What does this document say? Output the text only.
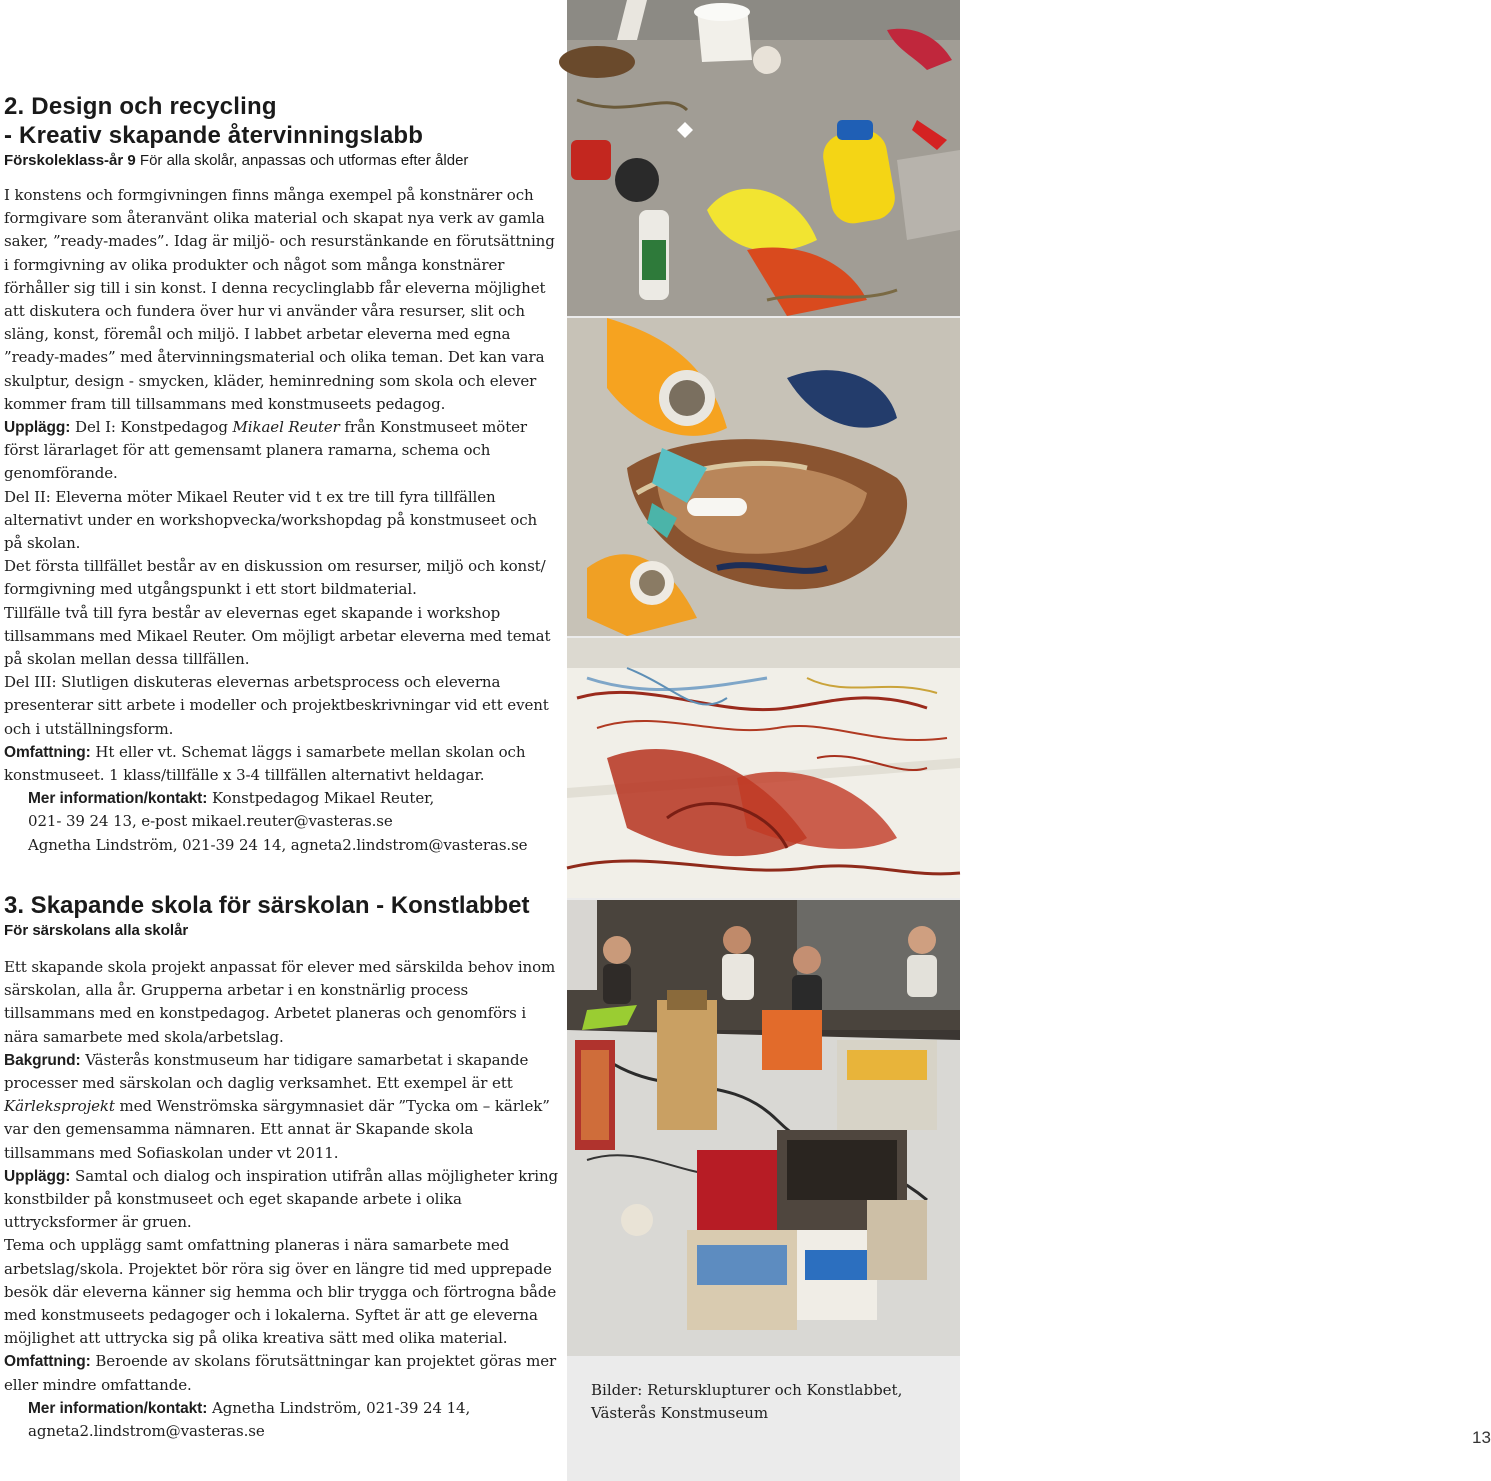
2. Design och recycling
- Kreativ skapande återvinningslabb

Förskoleklass-år 9 För alla skolår, anpassas och utformas efter ålder

I konstens och formgivningen finns många exempel på konstnärer och formgivare som återanvänt olika material och skapat nya verk av gamla saker, ”ready-mades”. Idag är miljö- och resurstänkande en förutsättning i formgivning av olika produkter och något som många konstnärer förhåller sig till i sin konst. I denna recyclinglabb får eleverna möjlighet att diskutera och fundera över hur vi använder våra resurser, slit och släng, konst, föremål och miljö. I labbet arbetar eleverna med egna ”ready-mades” med återvinningsmaterial och olika teman. Det kan vara skulptur, design - smycken, kläder, heminredning som skola och elever kommer fram till tillsammans med konstmuseets pedagog.

Upplägg: Del I: Konstpedagog Mikael Reuter från Konstmuseet möter först lärarlaget för att gemensamt planera ramarna, schema och genomförande.

Del II: Eleverna möter Mikael Reuter vid t ex tre till fyra tillfällen alternativt under en workshopvecka/workshopdag på konstmuseet och på skolan.

Det första tillfället består av en diskussion om resurser, miljö och konst/ formgivning med utgångspunkt i ett stort bildmaterial.

Tillfälle två till fyra består av elevernas eget skapande i workshop tillsammans med Mikael Reuter. Om möjligt arbetar eleverna med temat på skolan mellan dessa tillfällen.

Del III: Slutligen diskuteras elevernas arbetsprocess och eleverna presenterar sitt arbete i modeller och projektbeskrivningar vid ett event och i utställningsform.

Omfattning: Ht eller vt. Schemat läggs i samarbete mellan skolan och konstmuseet. 1 klass/tillfälle x 3-4 tillfällen alternativt heldagar.

Mer information/kontakt: Konstpedagog Mikael Reuter,

021- 39 24 13, e-post mikael.reuter@vasteras.se

Agnetha Lindström, 021-39 24 14, agneta2.lindstrom@vasteras.se

3. Skapande skola för särskolan - Konstlabbet

För särskolans alla skolår

Ett skapande skola projekt anpassat för elever med särskilda behov inom särskolan, alla år. Grupperna arbetar i en konstnärlig process tillsammans med en konstpedagog. Arbetet planeras och genomförs i nära samarbete med skola/arbetslag.

Bakgrund: Västerås konstmuseum har tidigare samarbetat i skapande processer med särskolan och daglig verksamhet. Ett exempel är ett Kärleksprojekt med Wenströmska särgymnasiet där ”Tycka om – kärlek” var den gemensamma nämnaren. Ett annat är Skapande skola tillsammans med Sofiaskolan under vt 2011.

Upplägg: Samtal och dialog och inspiration utifrån allas möjligheter kring konstbilder på konstmuseet och eget skapande arbete i olika uttrycksformer är gruen.

Tema och upplägg samt omfattning planeras i nära samarbete med arbetslag/skola. Projektet bör röra sig över en längre tid med upprepade besök där eleverna känner sig hemma och blir trygga och förtrogna både med konstmuseets pedagoger och i lokalerna. Syftet är att ge eleverna möjlighet att uttrycka sig på olika kreativa sätt med olika material.

Omfattning: Beroende av skolans förutsättningar kan projektet göras mer eller mindre omfattande.

Mer information/kontakt: Agnetha Lindström, 021-39 24 14,

agneta2.lindstrom@vasteras.se

Bilder: Retursklupturer och Konstlabbet,
Västerås Konstmuseum

13
